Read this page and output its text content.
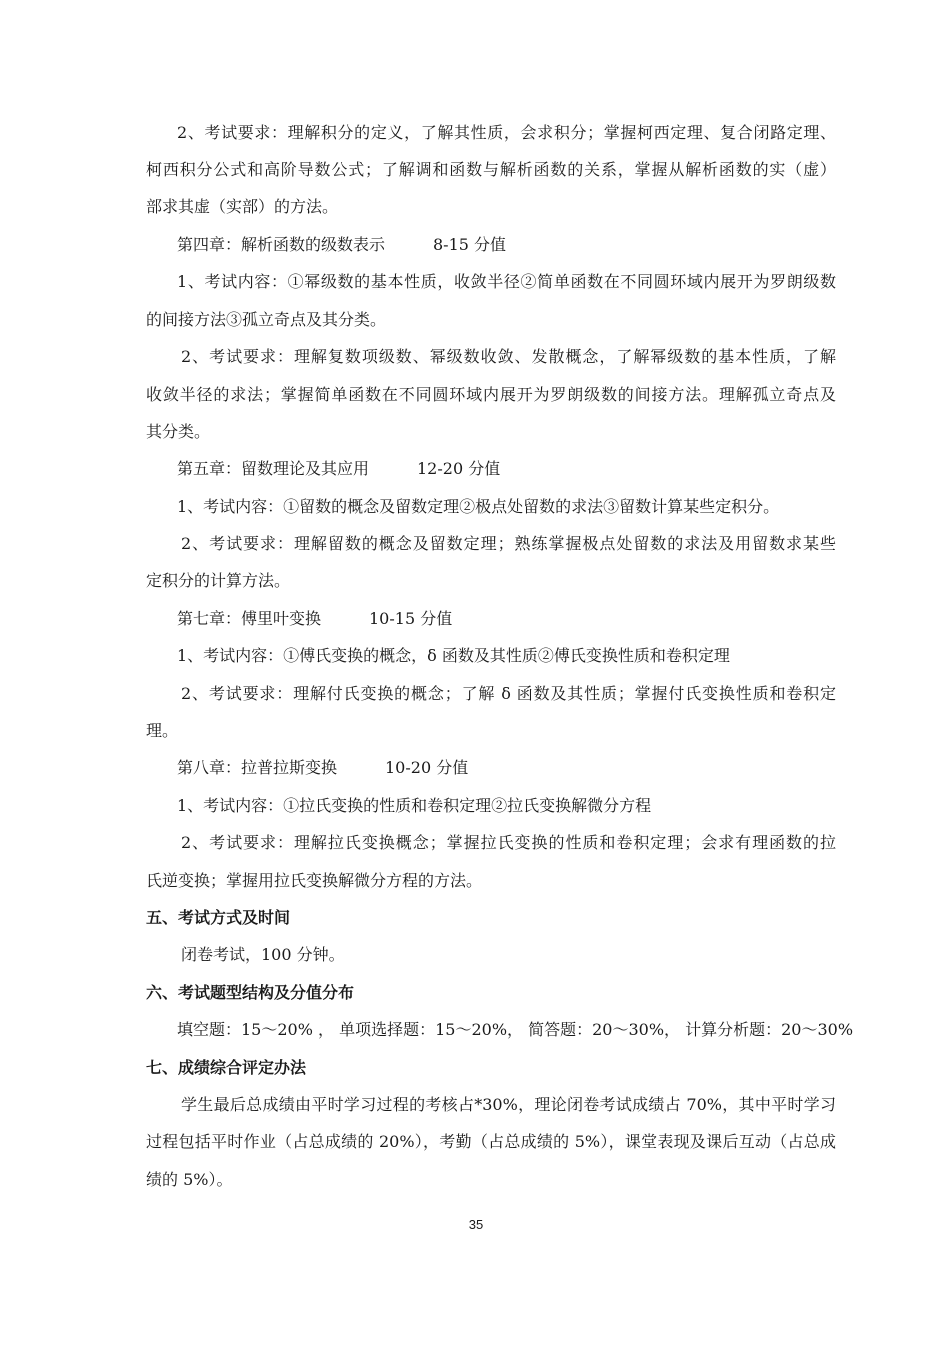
2、考试要求：理解积分的定义，了解其性质，会求积分；掌握柯西定理、复合闭路定理、
柯西积分公式和高阶导数公式；了解调和函数与解析函数的关系，掌握从解析函数的实（虚）
部求其虚（实部）的方法。
第四章：解析函数的级数表示　　　8-15 分值
1、考试内容：①幂级数的基本性质，收敛半径②简单函数在不同圆环域内展开为罗朗级数
的间接方法③孤立奇点及其分类。
2、考试要求：理解复数项级数、幂级数收敛、发散概念，了解幂级数的基本性质，了解
收敛半径的求法；掌握简单函数在不同圆环域内展开为罗朗级数的间接方法。理解孤立奇点及
其分类。
第五章：留数理论及其应用　　　12-20 分值
1、考试内容：①留数的概念及留数定理②极点处留数的求法③留数计算某些定积分。
2、考试要求：理解留数的概念及留数定理；熟练掌握极点处留数的求法及用留数求某些
定积分的计算方法。
第七章：傅里叶变换　　　10-15 分值
1、考试内容：①傅氏变换的概念，δ 函数及其性质②傅氏变换性质和卷积定理
2、考试要求：理解付氏变换的概念；了解 δ 函数及其性质；掌握付氏变换性质和卷积定
理。
第八章：拉普拉斯变换　　　10-20 分值
1、考试内容：①拉氏变换的性质和卷积定理②拉氏变换解微分方程
2、考试要求：理解拉氏变换概念；掌握拉氏变换的性质和卷积定理；会求有理函数的拉
氏逆变换；掌握用拉氏变换解微分方程的方法。
五、考试方式及时间
闭卷考试，100 分钟。
六、考试题型结构及分值分布
填空题：15～20% ， 单项选择题：15～20%， 简答题：20～30%， 计算分析题：20～30%
七、成绩综合评定办法
学生最后总成绩由平时学习过程的考核占*30%，理论闭卷考试成绩占 70%，其中平时学习
过程包括平时作业（占总成绩的 20%），考勤（占总成绩的 5%），课堂表现及课后互动（占总成
绩的 5%）。
35
